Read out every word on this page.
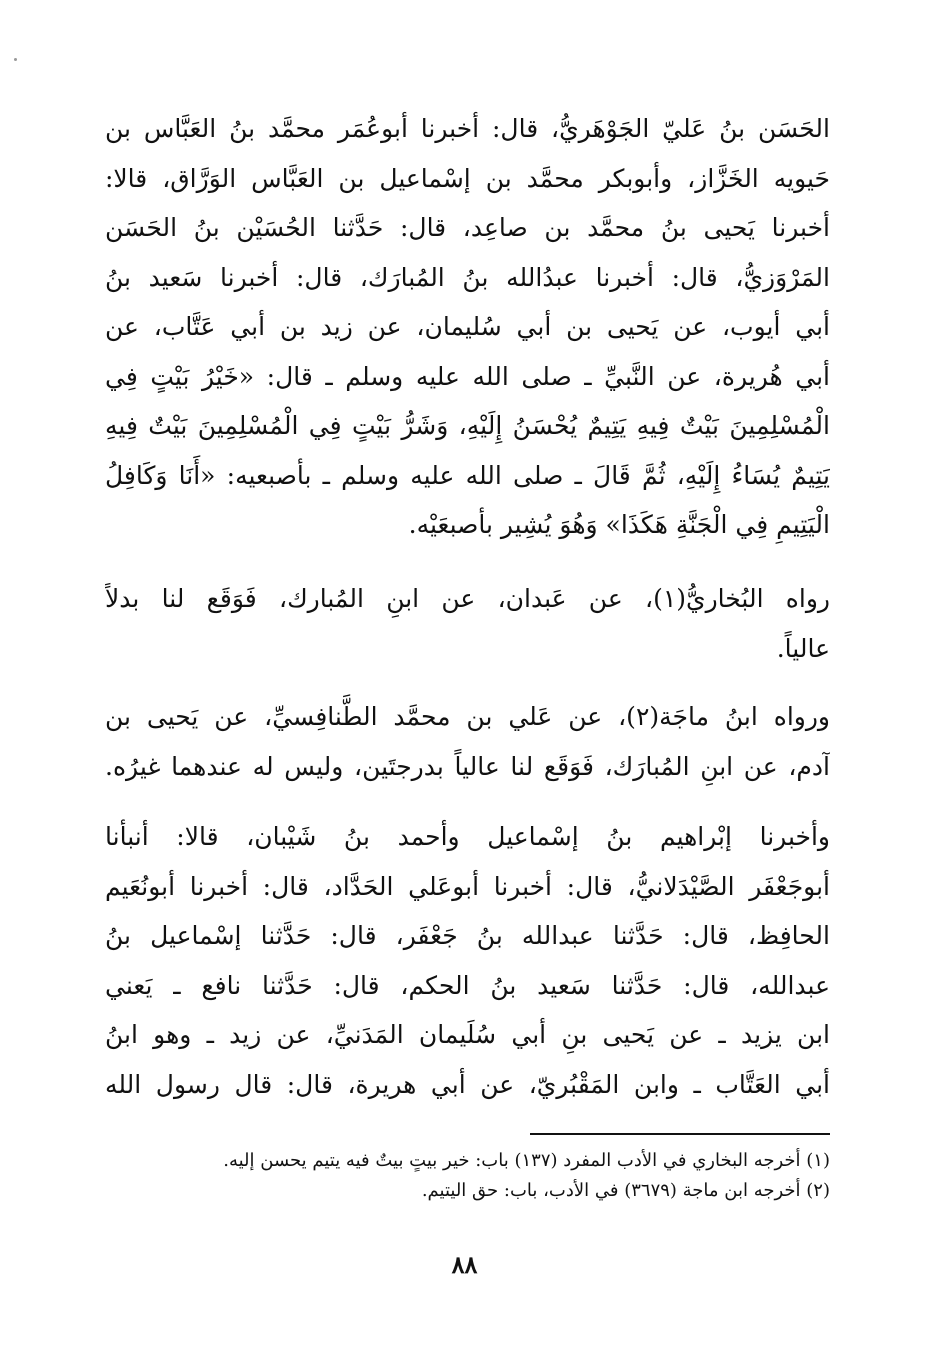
الحَسَن بنُ عَليّ الجَوْهَريُّ، قال: أخبرنا أبوعُمَر محمَّد بنُ العَبَّاس بن
حَيويه الخَزَّاز، وأبوبكر محمَّد بن إسْماعيل بن العَبَّاس الوَرَّاق، قالا:
أخبرنا يَحيى بنُ محمَّد بن صاعِد، قال: حَدَّثنا الحُسَيْن بنُ الحَسَن
المَرْوَزيُّ، قال: أخبرنا عبدُالله بنُ المُبارَك، قال: أخبرنا سَعيد بنُ
أبي أيوب، عن يَحيى بن أبي سُليمان، عن زيد بن أبي عَتَّاب، عن
أبي هُريرة، عن النَّبيِّ ـ صلى الله عليه وسلم ـ قال: «خَيْرُ بَيْتٍ فِي
الْمُسْلِمِينَ بَيْتٌ فِيهِ يَتِيمٌ يُحْسَنُ إِلَيْهِ، وَشَرُّ بَيْتٍ فِي الْمُسْلِمِينَ بَيْتٌ فِيهِ
يَتِيمٌ يُسَاءُ إِلَيْهِ، ثُمَّ قَالَ ـ صلى الله عليه وسلم ـ بأصبعيه: «أَنَا وَكَافِلُ
الْيَتِيمِ فِي الْجَنَّةِ هَكَذَا» وَهُوَ يُشِير بأصبعَيْه.
رواه البُخاريُّ(١)، عن عَبدان، عن ابنِ المُبارك، فَوَقَع لنا بدلاً
عالياً.
ورواه ابنُ ماجَة(٢)، عن عَلي بن محمَّد الطَّنافِسيِّ، عن يَحيى بن
آدم، عن ابنِ المُبارَك، فَوَقَع لنا عالياً بدرجتَين، وليس له عندهما غيرُه.
وأخبرنا إبْراهيم بنُ إسْماعيل وأحمد بنُ شَيْبان، قالا: أنبأنا
أبوجَعْفَر الصَّيْدَلانيُّ، قال: أخبرنا أبوعَلي الحَدَّاد، قال: أخبرنا أبونُعَيم
الحافِظ، قال: حَدَّثنا عبدالله بنُ جَعْفَر، قال: حَدَّثنا إسْماعيل بنُ
عبدالله، قال: حَدَّثنا سَعيد بنُ الحكم، قال: حَدَّثنا نافع ـ يَعني
ابن يزيد ـ عن يَحيى بنِ أبي سُلَيمان المَدَنيِّ، عن زيد ـ وهو ابنُ
أبي العَتَّاب ـ وابن المَقْبُريّ، عن أبي هريرة، قال: قال رسول الله
(١) أخرجه البخاري في الأدب المفرد (١٣٧) باب: خير بيتٍ بيتٌ فيه يتيم يحسن إليه.
(٢) أخرجه ابن ماجة (٣٦٧٩) في الأدب، باب: حق اليتيم.
٨٨
